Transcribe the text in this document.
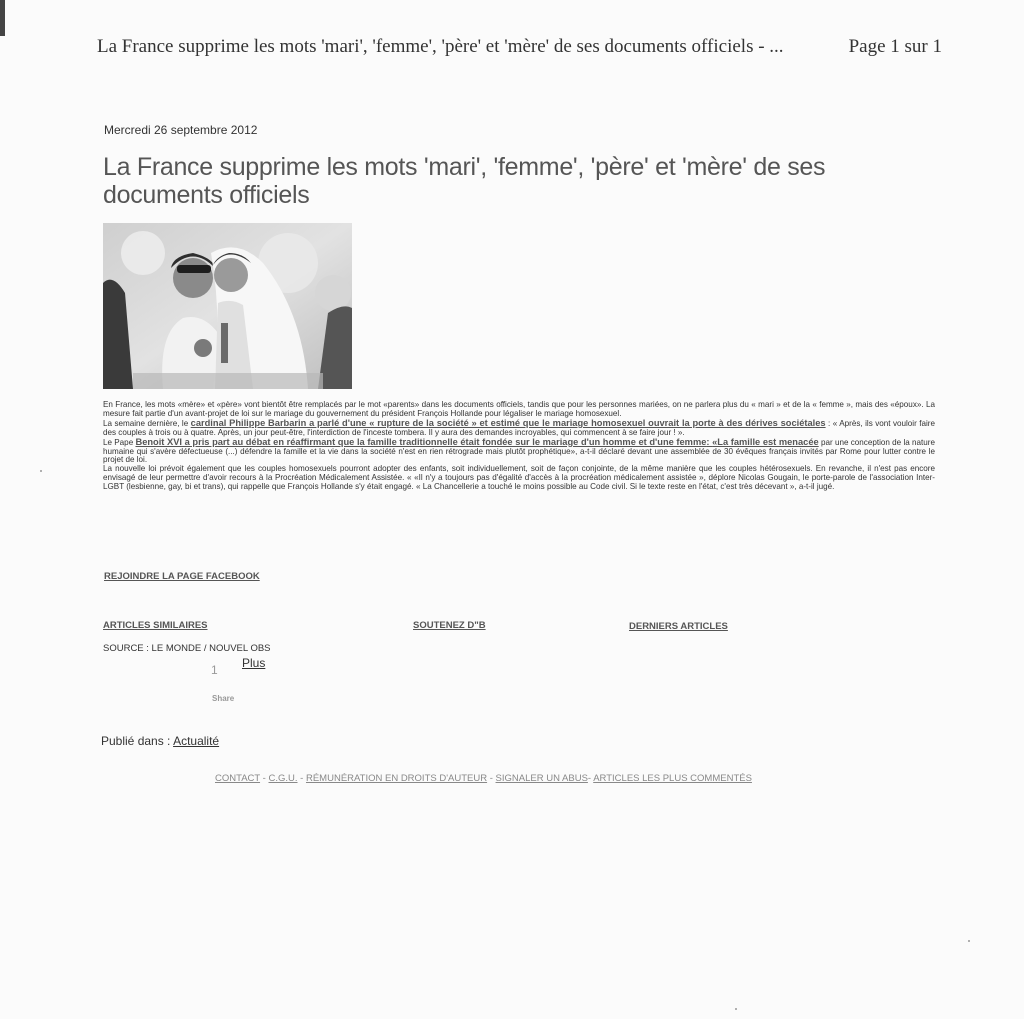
La France supprime les mots 'mari', 'femme', 'père' et 'mère' de ses documents officiels - ...	Page 1 sur 1
Mercredi 26 septembre 2012
La France supprime les mots 'mari', 'femme', 'père' et 'mère' de ses documents officiels

En France, les mots «mère» et «père» vont bientôt être remplacés par le mot «parents» dans les documents officiels, tandis que pour les personnes mariées, on ne parlera plus du « mari » et de la « femme », mais des «époux». La mesure fait partie d'un avant-projet de loi sur le mariage du gouvernement du président François Hollande pour légaliser le mariage homosexuel.

La semaine dernière, le cardinal Philippe Barbarin a parlé d'une « rupture de la société » et estimé que le mariage homosexuel ouvrait la porte à des dérives sociétales : « Après, ils vont vouloir faire des couples à trois ou à quatre. Après, un jour peut-être, l'interdiction de l'inceste tombera. Il y aura des demandes incroyables, qui commencent à se faire jour ! ».

Le Pape Benoit XVI a pris part au débat en réaffirmant que la famille traditionnelle était fondée sur le mariage d'un homme et d'une femme: «La famille est menacée par une conception de la nature humaine qui s'avère défectueuse (...) défendre la famille et la vie dans la société n'est en rien rétrograde mais plutôt prophétique», a-t-il déclaré devant une assemblée de 30 évêques français invités par Rome pour lutter contre le projet de loi.

La nouvelle loi prévoit également que les couples homosexuels pourront adopter des enfants, soit individuellement, soit de façon conjointe, de la même manière que les couples hétérosexuels. En revanche, il n'est pas encore envisagé de leur permettre d'avoir recours à la Procréation Médicalement Assistée. « «Il n'y a toujours pas d'égalité d'accès à la procréation médicalement assistée », déplore Nicolas Gougain, le porte-parole de l'association Inter-LGBT (lesbienne, gay, bi et trans), qui rappelle que François Hollande s'y était engagé. « La Chancellerie a touché le moins possible au Code civil. Si le texte reste en l'état, c'est très décevant », a-t-il jugé.

REJOINDRE LA PAGE FACEBOOK
ARTICLES SIMILAIRES	SOUTENEZ D"B	DERNIERS ARTICLES
SOURCE : LE MONDE / NOUVEL OBS
1 Plus
Share
Publié dans : Actualité
CONTACT - C.G.U. - RÉMUNÉRATION EN DROITS D'AUTEUR - SIGNALER UN ABUS- ARTICLES LES PLUS COMMENTÉS
